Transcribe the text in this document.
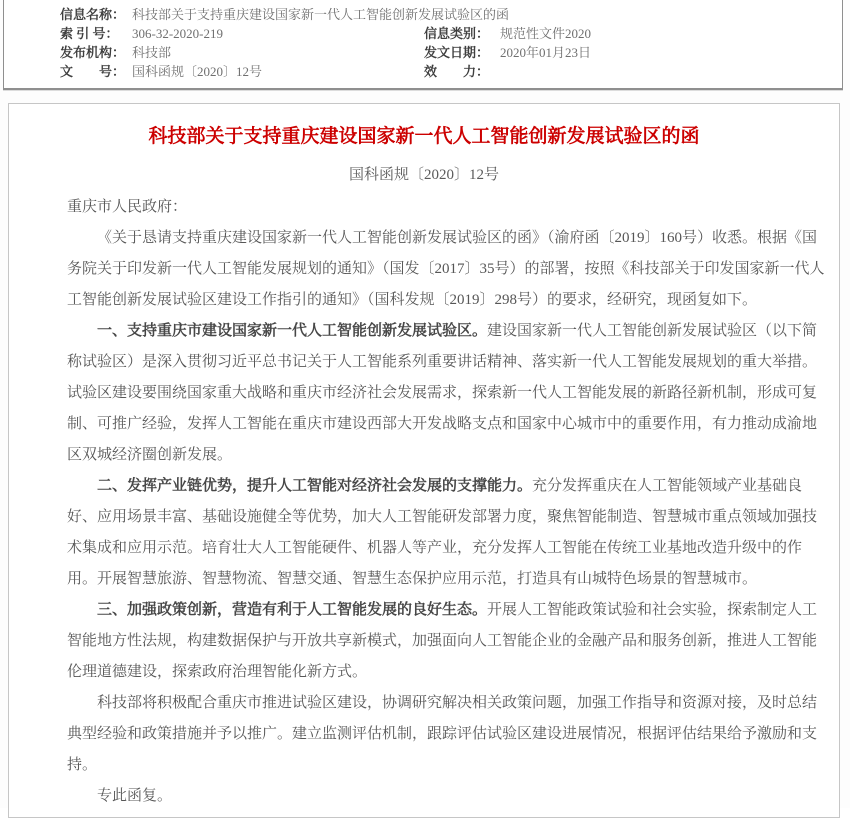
信息名称： 科技部关于支持重庆建设国家新一代人工智能创新发展试验区的函
索 引 号： 306-32-2020-219	信息类别： 规范性文件2020
发布机构： 科技部	发文日期： 2020年01月23日
文　　号： 国科函规〔2020〕12号	效　　力：
科技部关于支持重庆建设国家新一代人工智能创新发展试验区的函
国科函规〔2020〕12号

重庆市人民政府：

《关于恳请支持重庆建设国家新一代人工智能创新发展试验区的函》（渝府函〔2019〕160号）收悉。根据《国务院关于印发新一代人工智能发展规划的通知》（国发〔2017〕35号）的部署，按照《科技部关于印发国家新一代人工智能创新发展试验区建设工作指引的通知》（国科发规〔2019〕298号）的要求，经研究，现函复如下。

一、支持重庆市建设国家新一代人工智能创新发展试验区。建设国家新一代人工智能创新发展试验区（以下简称试验区）是深入贯彻习近平总书记关于人工智能系列重要讲话精神、落实新一代人工智能发展规划的重大举措。试验区建设要围绕国家重大战略和重庆市经济社会发展需求，探索新一代人工智能发展的新路径新机制，形成可复制、可推广经验，发挥人工智能在重庆市建设西部大开发战略支点和国家中心城市中的重要作用，有力推动成渝地区双城经济圈创新发展。

二、发挥产业链优势，提升人工智能对经济社会发展的支撑能力。充分发挥重庆在人工智能领域产业基础良好、应用场景丰富、基础设施健全等优势，加大人工智能研发部署力度，聚焦智能制造、智慧城市重点领域加强技术集成和应用示范。培育壮大人工智能硬件、机器人等产业，充分发挥人工智能在传统工业基地改造升级中的作用。开展智慧旅游、智慧物流、智慧交通、智慧生态保护应用示范，打造具有山城特色场景的智慧城市。

三、加强政策创新，营造有利于人工智能发展的良好生态。开展人工智能政策试验和社会实验，探索制定人工智能地方性法规，构建数据保护与开放共享新模式，加强面向人工智能企业的金融产品和服务创新，推进人工智能伦理道德建设，探索政府治理智能化新方式。

科技部将积极配合重庆市推进试验区建设，协调研究解决相关政策问题，加强工作指导和资源对接，及时总结典型经验和政策措施并予以推广。建立监测评估机制，跟踪评估试验区建设进展情况，根据评估结果给予激励和支持。

专此函复。
